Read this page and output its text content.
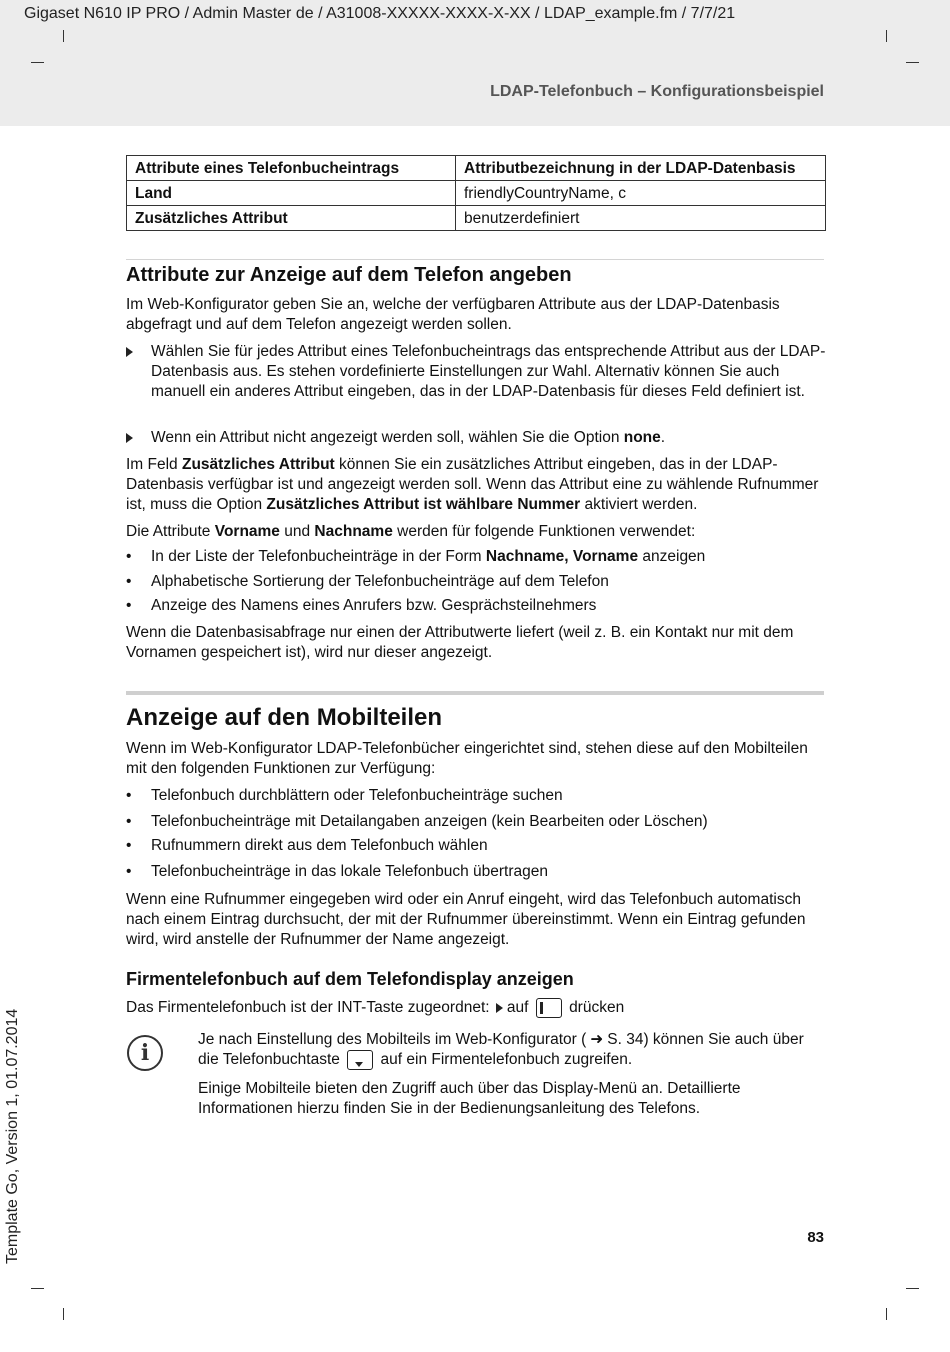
Gigaset N610 IP PRO / Admin Master de / A31008-XXXXX-XXXX-X-XX / LDAP_example.fm / 7/7/21
LDAP-Telefonbuch – Konfigurationsbeispiel
Attribute eines Telefonbucheintrags	Attributbezeichnung in der LDAP-Datenbasis
Land	friendlyCountryName, c
Zusätzliches Attribut	benutzerdefiniert
Attribute zur Anzeige auf dem Telefon angeben
Im Web-Konfigurator geben Sie an, welche der verfügbaren Attribute aus der LDAP-Datenbasis abgefragt und auf dem Telefon angezeigt werden sollen.
Wählen Sie für jedes Attribut eines Telefonbucheintrags das entsprechende Attribut aus der LDAP-Datenbasis aus. Es stehen vordefinierte Einstellungen zur Wahl. Alternativ können Sie auch manuell ein anderes Attribut eingeben, das in der LDAP-Datenbasis für dieses Feld definiert ist.
Wenn ein Attribut nicht angezeigt werden soll, wählen Sie die Option none.
Im Feld Zusätzliches Attribut können Sie ein zusätzliches Attribut eingeben, das in der LDAP-Datenbasis verfügbar ist und angezeigt werden soll. Wenn das Attribut eine zu wählende Rufnummer ist, muss die Option Zusätzliches Attribut ist wählbare Nummer aktiviert werden.
Die Attribute Vorname und Nachname werden für folgende Funktionen verwendet:
•	In der Liste der Telefonbucheinträge in der Form Nachname, Vorname anzeigen
•	Alphabetische Sortierung der Telefonbucheinträge auf dem Telefon
•	Anzeige des Namens eines Anrufers bzw. Gesprächsteilnehmers
Wenn die Datenbasisabfrage nur einen der Attributwerte liefert (weil z. B. ein Kontakt nur mit dem Vornamen gespeichert ist), wird nur dieser angezeigt.
Anzeige auf den Mobilteilen
Wenn im Web-Konfigurator LDAP-Telefonbücher eingerichtet sind, stehen diese auf den Mobilteilen mit den folgenden Funktionen zur Verfügung:
•	Telefonbuch durchblättern oder Telefonbucheinträge suchen
•	Telefonbucheinträge mit Detailangaben anzeigen (kein Bearbeiten oder Löschen)
•	Rufnummern direkt aus dem Telefonbuch wählen
•	Telefonbucheinträge in das lokale Telefonbuch übertragen
Wenn eine Rufnummer eingegeben wird oder ein Anruf eingeht, wird das Telefonbuch automatisch nach einem Eintrag durchsucht, der mit der Rufnummer übereinstimmt. Wenn ein Eintrag gefunden wird, wird anstelle der Rufnummer der Name angezeigt.
Firmentelefonbuch auf dem Telefondisplay anzeigen
Das Firmentelefonbuch ist der INT-Taste zugeordnet: auf	drücken
i
Je nach Einstellung des Mobilteils im Web-Konfigurator ( ➜ S. 34) können Sie auch über die Telefonbuchtaste	auf ein Firmentelefonbuch zugreifen.
Einige Mobilteile bieten den Zugriff auch über das Display-Menü an. Detaillierte Informationen hierzu finden Sie in der Bedienungsanleitung des Telefons.
83
Template Go, Version 1, 01.07.2014
